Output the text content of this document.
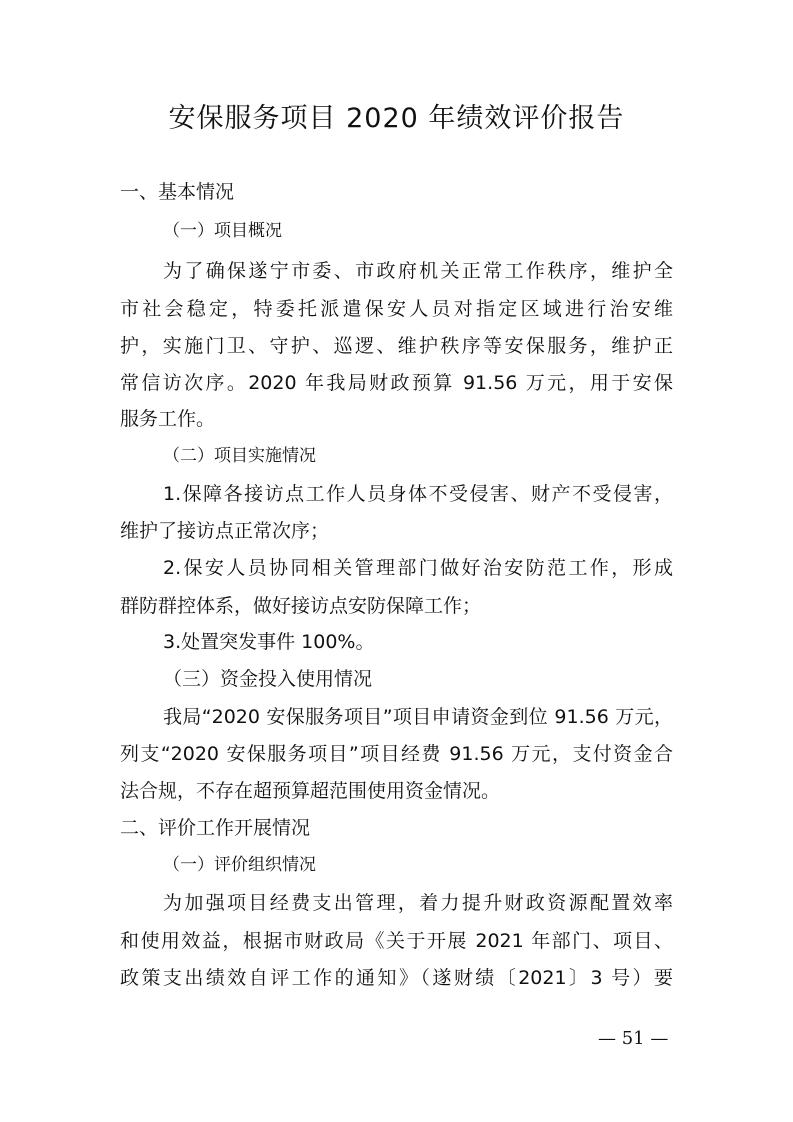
安保服务项目 2020 年绩效评价报告
一、基本情况
（一）项目概况
为了确保遂宁市委、市政府机关正常工作秩序，维护全
市社会稳定，特委托派遣保安人员对指定区域进行治安维
护，实施门卫、守护、巡逻、维护秩序等安保服务，维护正
常信访次序。2020 年我局财政预算 91.56 万元，用于安保
服务工作。
（二）项目实施情况
1.保障各接访点工作人员身体不受侵害、财产不受侵害，
维护了接访点正常次序；
2.保安人员协同相关管理部门做好治安防范工作，形成
群防群控体系，做好接访点安防保障工作；
3.处置突发事件 100%。
（三）资金投入使用情况
我局“2020 安保服务项目”项目申请资金到位 91.56 万元，
列支“2020 安保服务项目”项目经费 91.56 万元，支付资金合
法合规，不存在超预算超范围使用资金情况。
二、评价工作开展情况
（一）评价组织情况
为加强项目经费支出管理，着力提升财政资源配置效率
和使用效益，根据市财政局《关于开展 2021 年部门、项目、
政策支出绩效自评工作的通知》（遂财绩〔2021〕3 号）要
— 51 —
